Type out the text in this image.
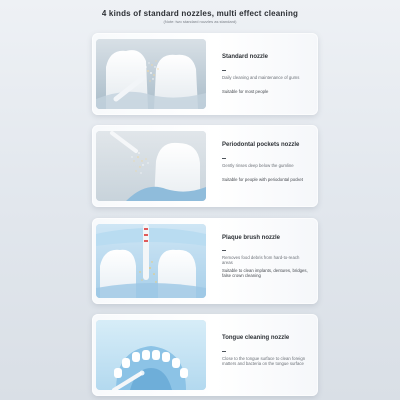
4 kinds of standard nozzles, multi effect cleaning
(Note: two standard nozzles as standard)
Standard nozzle
Daily cleaning and maintenance of gums
Suitable for most people
Periodontal pockets nozzle
Gently rinses deep below the gumline
Suitable for people with periodontal pocket
Plaque brush nozzle
Removes food debris from hard-to-reach areas
Suitable to clean implants, dentures, bridges, false crown cleaning
Tongue cleaning nozzle
Close to the tongue surface to clean foreign matters and bacteria on the tongue surface
